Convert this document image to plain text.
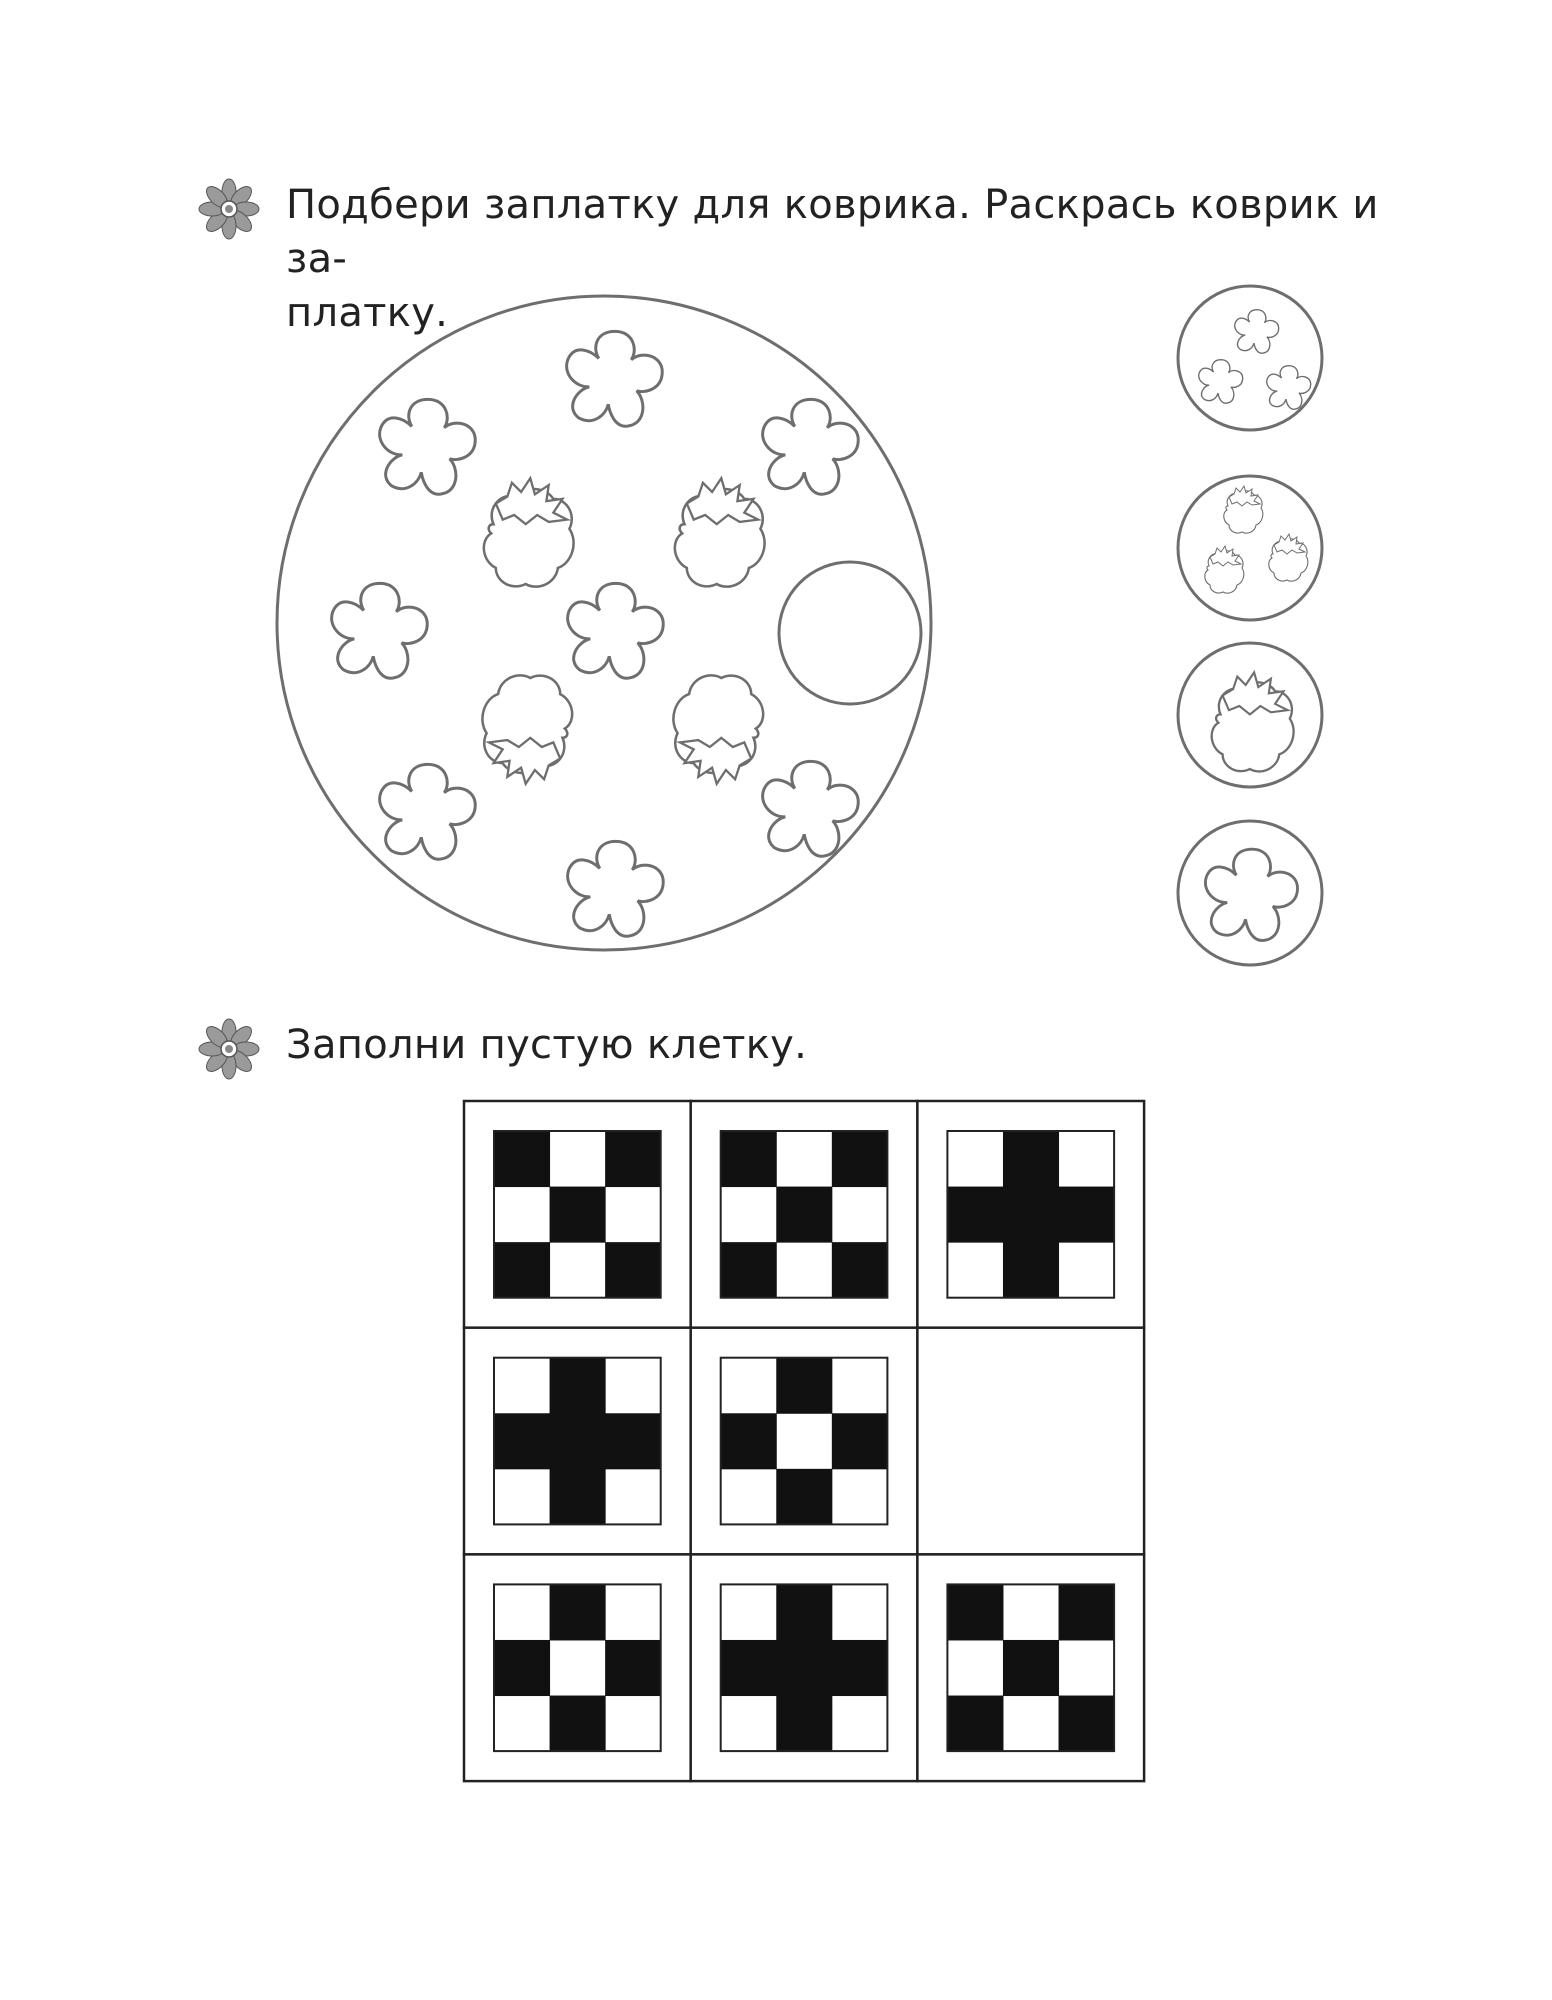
Подбери заплатку для коврика. Раскрась коврик и за-
платку.
Заполни пустую клетку.
